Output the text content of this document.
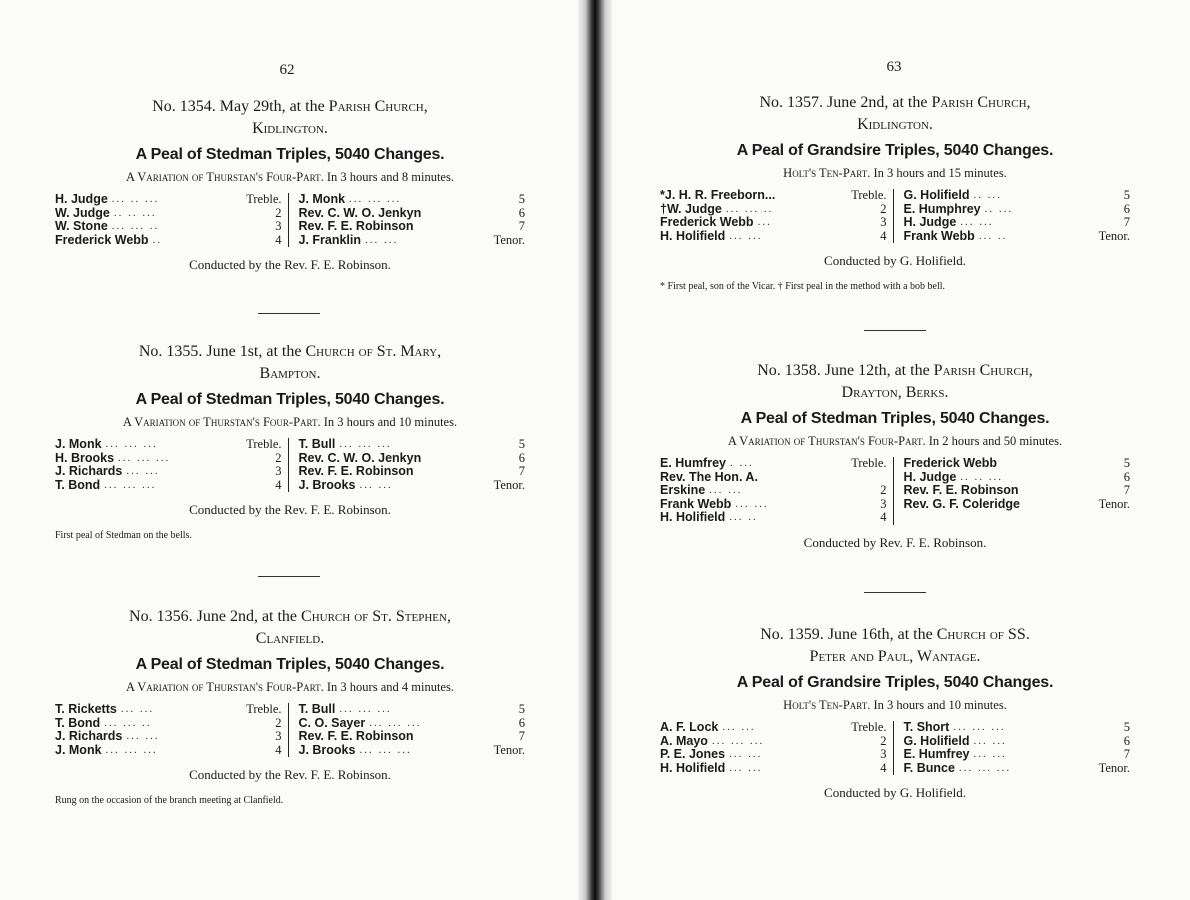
62	63
No. 1354. May 29th, at the Parish Church,
Kidlington.
A Peal of Stedman Triples, 5040 Changes.
A Variation of Thurstan's Four-Part. In 3 hours and 8 minutes.
H. Judge ... .. ...	Treble.
W. Judge .. .. ...	2
W. Stone ... ... ..	3
Frederick Webb ..	4
J. Monk ... ... ...	5
Rev. C. W. O. Jenkyn	6
Rev. F. E. Robinson	7
J. Franklin ... ...	Tenor.
Conducted by the Rev. F. E. Robinson.
No. 1355. June 1st, at the Church of St. Mary,
Bampton.
A Peal of Stedman Triples, 5040 Changes.
A Variation of Thurstan's Four-Part. In 3 hours and 10 minutes.
J. Monk ... ... ...	Treble.
H. Brooks ... ... ...	2
J. Richards ... ...	3
T. Bond ... ... ...	4
T. Bull ... ... ...	5
Rev. C. W. O. Jenkyn	6
Rev. F. E. Robinson	7
J. Brooks ... ...	Tenor.
Conducted by the Rev. F. E. Robinson.
First peal of Stedman on the bells.
No. 1356. June 2nd, at the Church of St. Stephen,
Clanfield.
A Peal of Stedman Triples, 5040 Changes.
A Variation of Thurstan's Four-Part. In 3 hours and 4 minutes.
T. Ricketts ... ...	Treble.
T. Bond ... ... ..	2
J. Richards ... ...	3
J. Monk ... ... ...	4
T. Bull ... ... ...	5
C. O. Sayer ... ... ...	6
Rev. F. E. Robinson	7
J. Brooks ... ... ...	Tenor.
Conducted by the Rev. F. E. Robinson.
Rung on the occasion of the branch meeting at Clanfield.
No. 1357. June 2nd, at the Parish Church,
Kidlington.
A Peal of Grandsire Triples, 5040 Changes.
Holt's Ten-Part. In 3 hours and 15 minutes.
*J. H. R. Freeborn...	Treble.
†W. Judge ... ... ..	2
Frederick Webb ...	3
H. Holifield ... ...	4
G. Holifield .. ...	5
E. Humphrey .. ...	6
H. Judge ... ...	7
Frank Webb ... ..	Tenor.
Conducted by G. Holifield.
* First peal, son of the Vicar. † First peal in the method with a bob bell.
No. 1358. June 12th, at the Parish Church,
Drayton, Berks.
A Peal of Stedman Triples, 5040 Changes.
A Variation of Thurstan's Four-Part. In 2 hours and 50 minutes.
E. Humfrey . ...	Treble.
Rev. The Hon. A.
Erskine ... ...	2
Frank Webb ... ...	3
H. Holifield ... ..	4
Frederick Webb	5
H. Judge .. .. ...	6
Rev. F. E. Robinson	7
Rev. G. F. Coleridge	Tenor.
Conducted by Rev. F. E. Robinson.
No. 1359. June 16th, at the Church of SS.
Peter and Paul, Wantage.
A Peal of Grandsire Triples, 5040 Changes.
Holt's Ten-Part. In 3 hours and 10 minutes.
A. F. Lock ... ...	Treble.
A. Mayo ... ... ...	2
P. E. Jones ... ...	3
H. Holifield ... ...	4
T. Short ... ... ...	5
G. Holifield ... ...	6
E. Humfrey ... ...	7
F. Bunce ... ... ...	Tenor.
Conducted by G. Holifield.
